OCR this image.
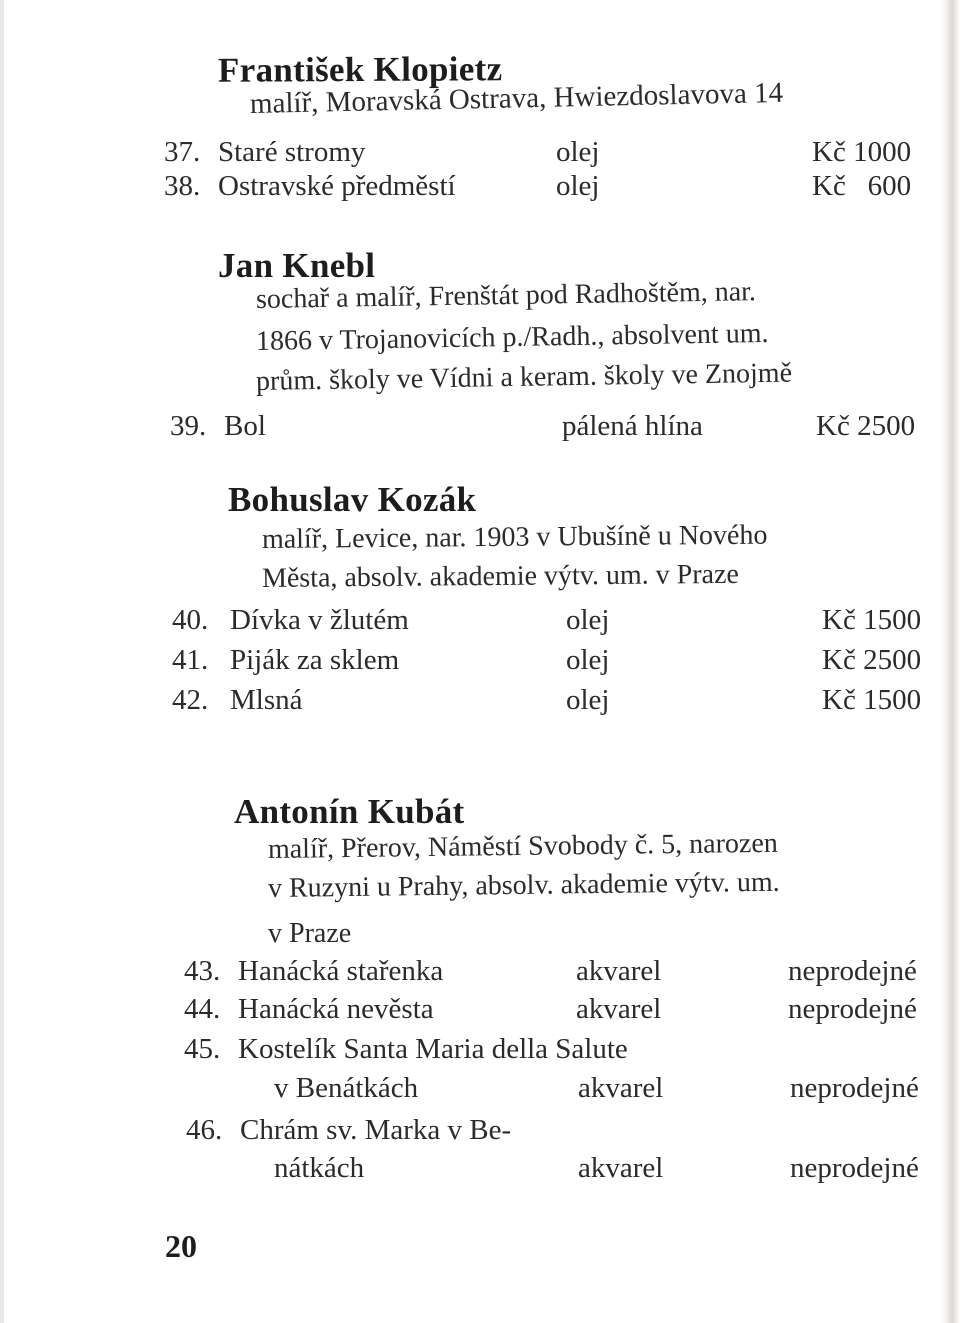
František Klopietz
malíř, Moravská Ostrava, Hwiezdoslavova 14
37. Staré stromy	olej	Kč 1000
38. Ostravské předměstí	olej	Kč   600
Jan Knebl
sochař a malíř, Frenštát pod Radhoštěm, nar.
1866 v Trojanovicích p./Radh., absolvent um.
prům. školy ve Vídni a keram. školy ve Znojmě
39. Bol	pálená hlína	Kč 2500
Bohuslav Kozák
malíř, Levice, nar. 1903 v Ubušíně u Nového
Města, absolv. akademie výtv. um. v Praze
40. Dívka v žlutém	olej	Kč 1500
41. Piják za sklem	olej	Kč 2500
42. Mlsná	olej	Kč 1500
Antonín Kubát
malíř, Přerov, Náměstí Svobody č. 5, narozen
v Ruzyni u Prahy, absolv. akademie výtv. um.
v Praze
43. Hanácká stařenka	akvarel	neprodejné
44. Hanácká nevěsta	akvarel	neprodejné
45. Kostelík Santa Maria della Salute
v Benátkách	akvarel	neprodejné
46. Chrám sv. Marka v Be-
nátkách	akvarel	neprodejné
20
